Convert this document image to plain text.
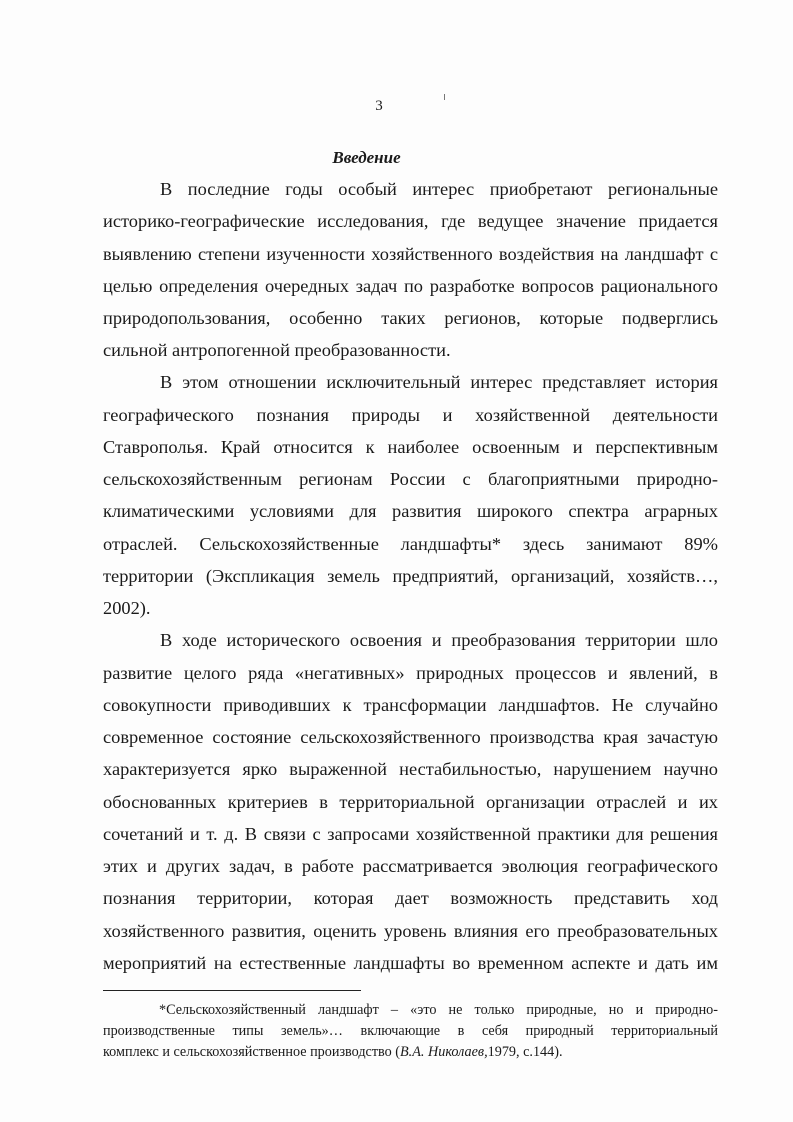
3
Введение
В последние годы особый интерес приобретают региональные
историко-географические исследования, где ведущее значение придается
выявлению степени изученности хозяйственного воздействия на ландшафт с
целью определения очередных задач по разработке вопросов рационального
природопользования, особенно таких регионов, которые подверглись
сильной антропогенной преобразованности.
В этом отношении исключительный интерес представляет история
географического познания природы и хозяйственной деятельности
Ставрополья. Край относится к наиболее освоенным и перспективным
сельскохозяйственным регионам России с благоприятными природно-
климатическими условиями для развития широкого спектра аграрных
отраслей. Сельскохозяйственные ландшафты* здесь занимают 89%
территории (Экспликация земель предприятий, организаций, хозяйств…,
2002).
В ходе исторического освоения и преобразования территории шло
развитие целого ряда «негативных» природных процессов и явлений, в
совокупности приводивших к трансформации ландшафтов. Не случайно
современное состояние сельскохозяйственного производства края зачастую
характеризуется ярко выраженной нестабильностью, нарушением научно
обоснованных критериев в территориальной организации отраслей и их
сочетаний и т. д. В связи с запросами хозяйственной практики для решения
этих и других задач, в работе рассматривается эволюция географического
познания территории, которая дает возможность представить ход
хозяйственного развития, оценить уровень влияния его преобразовательных
мероприятий на естественные ландшафты во временном аспекте и дать им
*Сельскохозяйственный ландшафт – «это не только природные, но и природно-
производственные типы земель»… включающие в себя природный территориальный
комплекс и сельскохозяйственное производство (В.А. Николаев,1979, с.144).
